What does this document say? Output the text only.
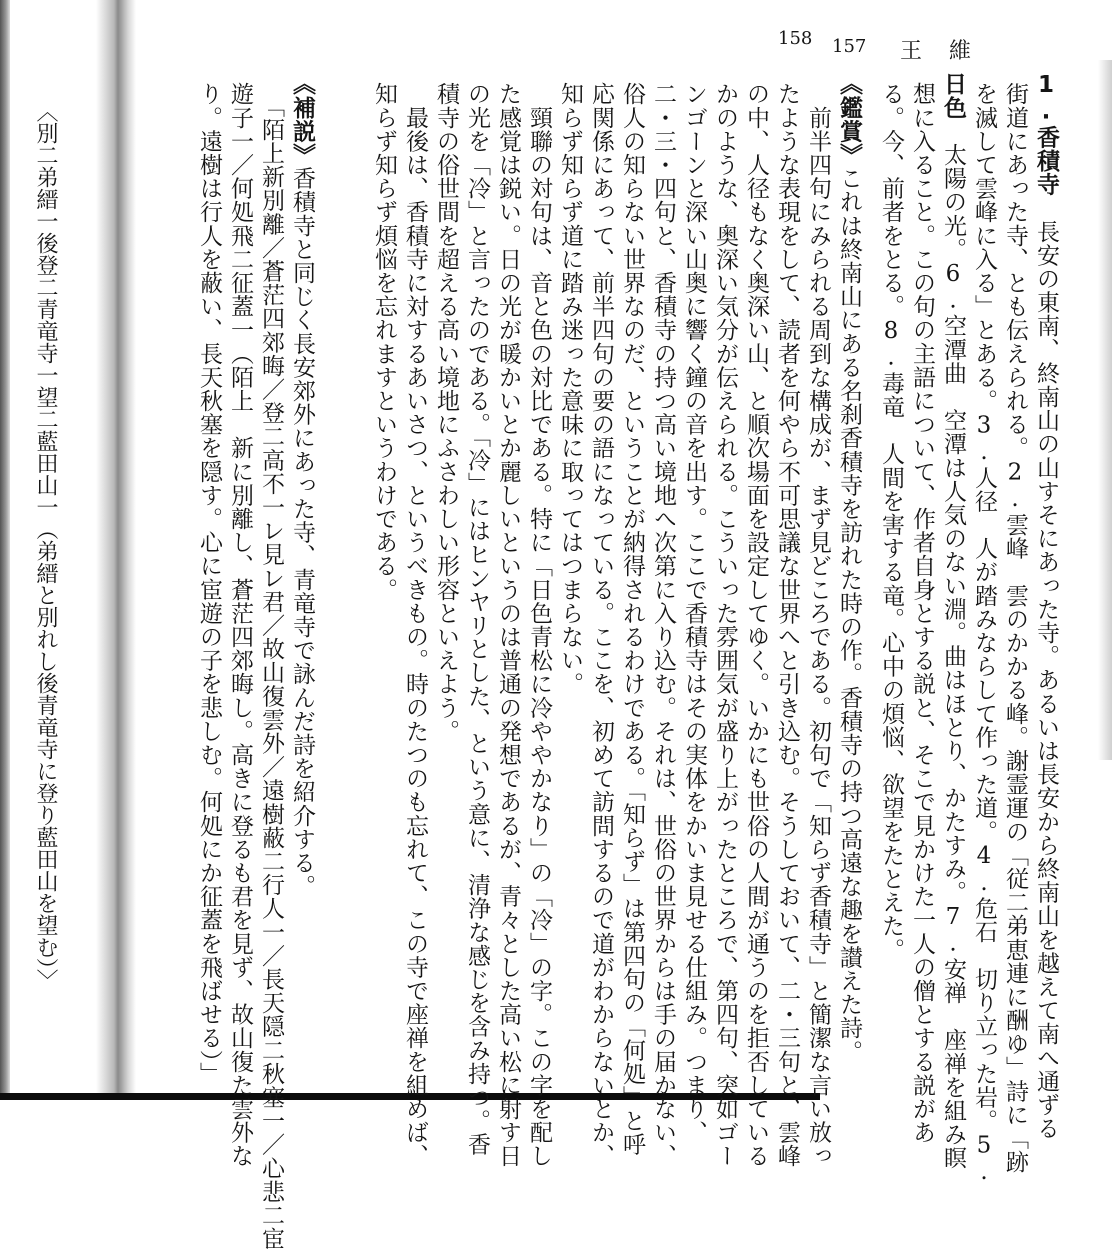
〈別二弟縉一後登二青竜寺一望二藍田山一（弟縉と別れし後青竜寺に登り藍田山を望む）〉
158 157 王 維
1.香積寺　長安の東南、終南山の山すそにあった寺。あるいは長安から終南山を越えて南へ通ずる
街道にあった寺、とも伝えられる。2.雲峰　雲のかかる峰。謝霊運の「従二弟恵連に酬ゆ」詩に「跡
を滅して雲峰に入る」とある。3.人径　人が踏みならして作った道。4.危石　切り立った岩。5.
日色　太陽の光。6.空潭曲　空潭は人気のない淵。曲はほとり、かたすみ。7.安禅　座禅を組み瞑
想に入ること。この句の主語について、作者自身とする説と、そこで見かけた一人の僧とする説があ
る。今、前者をとる。8.毒竜　人間を害する竜。心中の煩悩、欲望をたとえた。
《鑑賞》これは終南山にある名刹香積寺を訪れた時の作。香積寺の持つ高遠な趣を讃えた詩。
　前半四句にみられる周到な構成が、まず見どころである。初句で「知らず香積寺」と簡潔な言い放っ
たような表現をして、読者を何やら不可思議な世界へと引き込む。そうしておいて、二・三句と、雲峰
の中、人径もなく奥深い山、と順次場面を設定してゆく。いかにも世俗の人間が通うのを拒否している
かのような、奥深い気分が伝えられる。こういった雰囲気が盛り上がったところで、第四句、突如ゴー
ンゴーンと深い山奥に響く鐘の音を出す。ここで香積寺はその実体をかいま見せる仕組み。つまり、
二・三・四句と、香積寺の持つ高い境地へ次第に入り込む。それは、世俗の世界からは手の届かない、
俗人の知らない世界なのだ、ということが納得されるわけである。「知らず」は第四句の「何処」と呼
応関係にあって、前半四句の要の語になっている。ここを、初めて訪問するので道がわからないとか、
知らず知らず道に踏み迷った意味に取ってはつまらない。
　頸聯の対句は、音と色の対比である。特に「日色青松に冷ややかなり」の「冷」の字。この字を配し
た感覚は鋭い。日の光が暖かいとか麗しいというのは普通の発想であるが、青々とした高い松に射す日
の光を「冷」と言ったのである。「冷」にはヒンヤリとした、という意に、清浄な感じを含み持つ。香
積寺の俗世間を超える高い境地にふさわしい形容といえよう。
　最後は、香積寺に対するあいさつ、というべきもの。時のたつのも忘れて、この寺で座禅を組めば、
知らず知らず煩悩を忘れますというわけである。
《補説》香積寺と同じく長安郊外にあった寺、青竜寺で詠んだ詩を紹介する。
　「陌上新別離／蒼茫四郊晦／登二高不一レ見レ君／故山復雲外／遠樹蔽二行人一／長天隠二秋塞一／心悲二宦
遊子一／何処飛二征蓋一（陌上　新に別離し、蒼茫四郊晦し。高きに登るも君を見ず、故山復た雲外な
り。遠樹は行人を蔽い、長天秋塞を隠す。心に宦遊の子を悲しむ。何処にか征蓋を飛ばせる）」
